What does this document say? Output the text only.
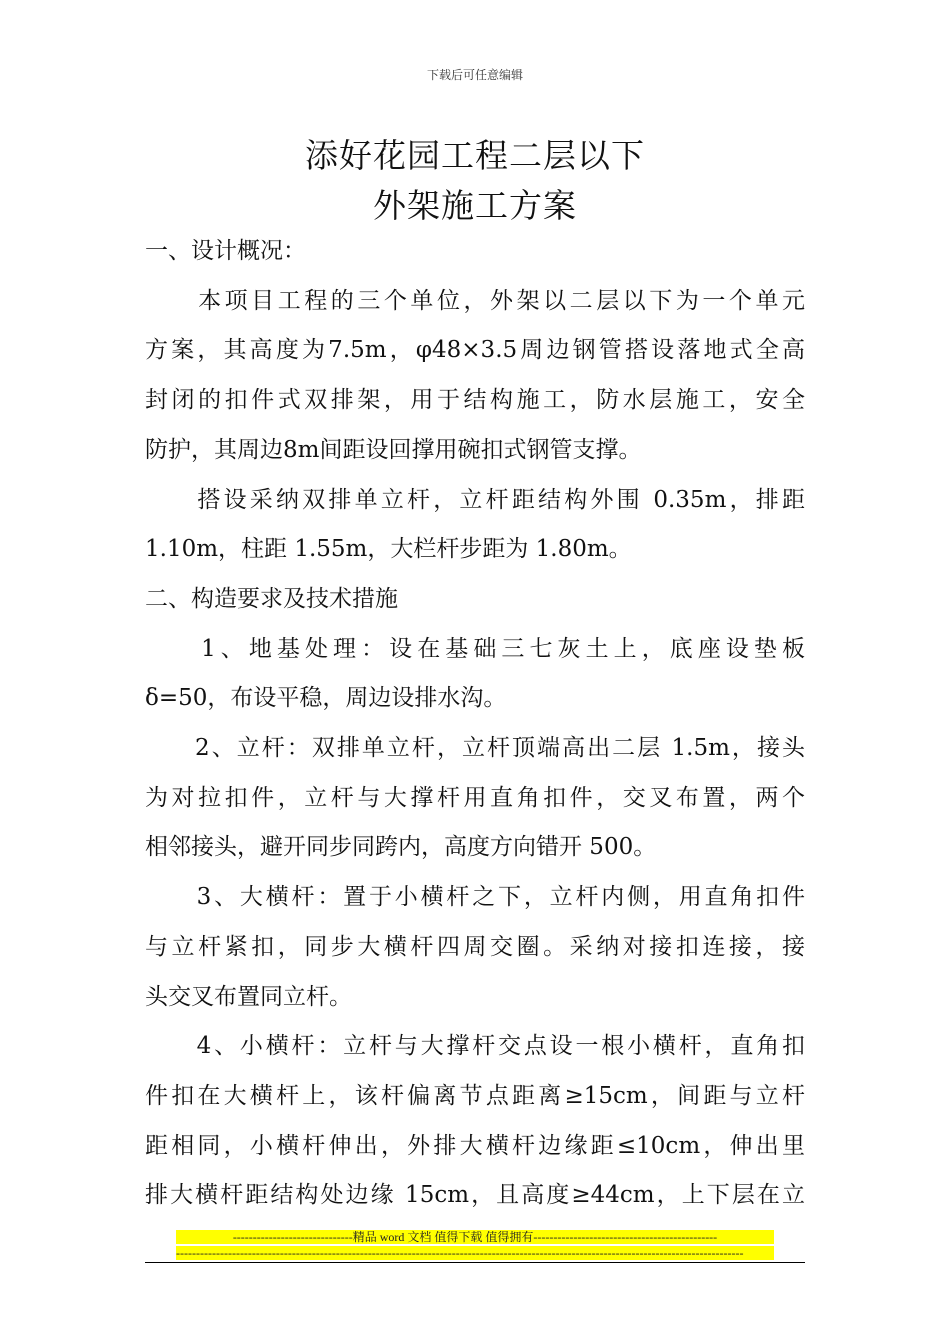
下载后可任意编辑
添好花园工程二层以下
外架施工方案
一、设计概况：
　　本项目工程的三个单位，外架以二层以下为一个单元
方案，其高度为7.5m，φ48×3.5周边钢管搭设落地式全高
封闭的扣件式双排架，用于结构施工，防水层施工，安全
防护，其周边8m间距设回撑用碗扣式钢管支撑。
　　搭设采纳双排单立杆，立杆距结构外围 0.35m，排距
1.10m，柱距 1.55m，大栏杆步距为 1.80m。
二、构造要求及技术措施
　　1、地基处理：设在基础三七灰土上，底座设垫板
δ=50，布设平稳，周边设排水沟。
　　2、立杆：双排单立杆，立杆顶端高出二层 1.5m，接头
为对拉扣件，立杆与大撑杆用直角扣件，交叉布置，两个
相邻接头，避开同步同跨内，高度方向错开 500。
　　3、大横杆：置于小横杆之下，立杆内侧，用直角扣件
与立杆紧扣，同步大横杆四周交圈。采纳对接扣连接，接
头交叉布置同立杆。
　　4、小横杆：立杆与大撑杆交点设一根小横杆，直角扣
件扣在大横杆上，该杆偏离节点距离≥15cm，间距与立杆
距相同，小横杆伸出，外排大横杆边缘距≤10cm，伸出里
排大横杆距结构处边缘 15cm，且高度≥44cm，上下层在立
------------------------------精品 word 文档 值得下载 值得拥有----------------------------------------------
----------------------------------------------------------------------------------------------------------------------------------------------
